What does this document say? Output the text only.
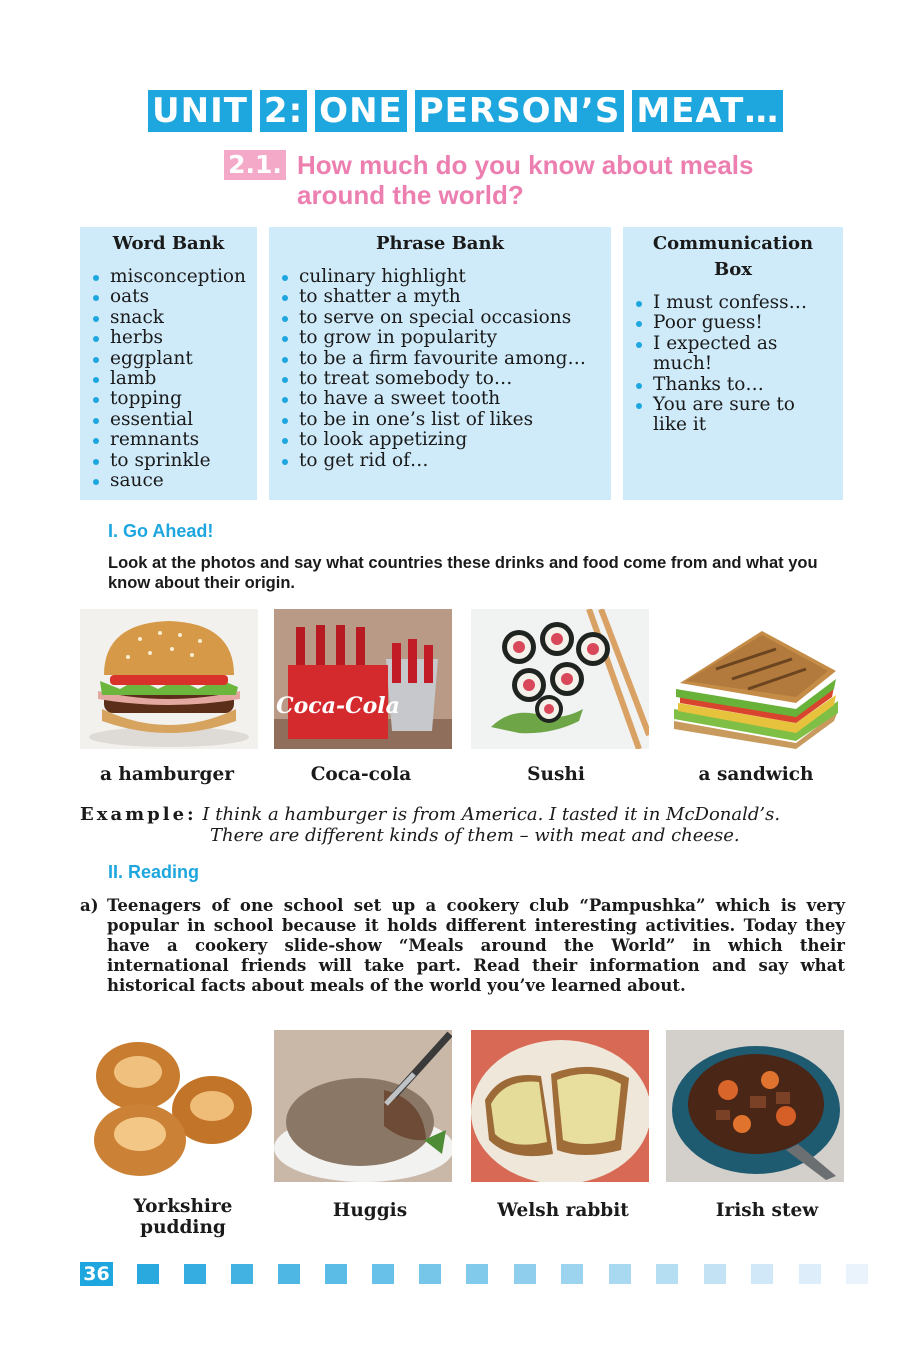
UNIT 2: ONE PERSON’S MEAT…
2.1. How much do you know about meals around the world?
Word Bank
misconception
oats
snack
herbs
eggplant
lamb
topping
essential
remnants
to sprinkle
sauce
Phrase Bank
culinary highlight
to shatter a myth
to serve on special occasions
to grow in popularity
to be a firm favourite among…
to treat somebody to…
to have a sweet tooth
to be in one’s list of likes
to look appetizing
to get rid of…
Communication Box
I must confess…
Poor guess!
I expected as much!
Thanks to…
You are sure to like it
I. Go Ahead!
Look at the photos and say what countries these drinks and food come from and what you know about their origin.
Coca-Cola
a hamburger	Coca-cola	Sushi	a sandwich
Example: I think a hamburger is from America. I tasted it in McDonald’s.
There are different kinds of them – with meat and cheese.
II. Reading
a) Teenagers of one school set up a cookery club “Pampushka” which is very popular in school because it holds different interesting activities. Today they have a cookery slide-show “Meals around the World” in which their international friends will take part. Read their information and say what historical facts about meals of the world you’ve learned about.
Yorkshire pudding
Huggis	Welsh rabbit	Irish stew
36
